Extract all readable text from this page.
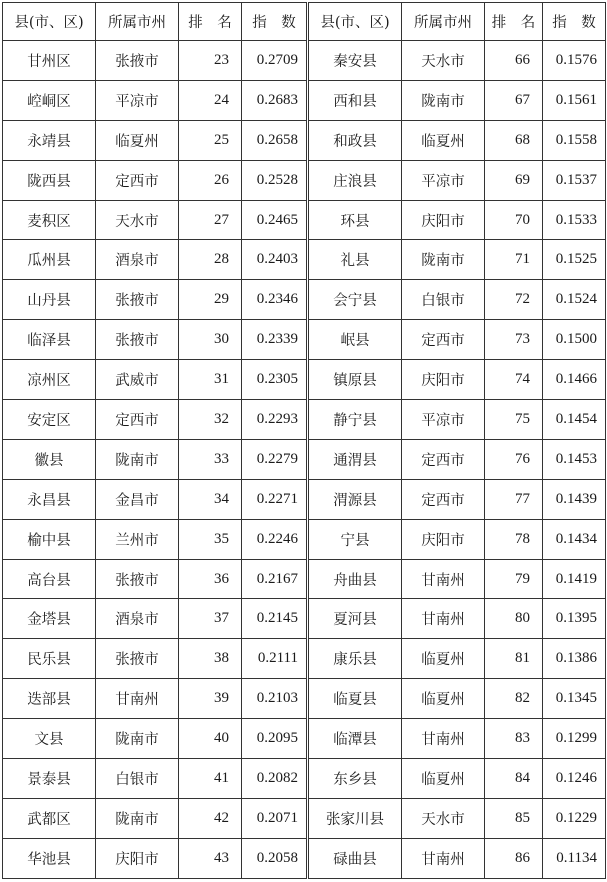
县(市、区)	所属市州	排　名	指　数	县(市、区)	所属市州	排　名	指　数
甘州区	张掖市	23	0.2709	秦安县	天水市	66	0.1576
崆峒区	平凉市	24	0.2683	西和县	陇南市	67	0.1561
永靖县	临夏州	25	0.2658	和政县	临夏州	68	0.1558
陇西县	定西市	26	0.2528	庄浪县	平凉市	69	0.1537
麦积区	天水市	27	0.2465	环县	庆阳市	70	0.1533
瓜州县	酒泉市	28	0.2403	礼县	陇南市	71	0.1525
山丹县	张掖市	29	0.2346	会宁县	白银市	72	0.1524
临泽县	张掖市	30	0.2339	岷县	定西市	73	0.1500
凉州区	武威市	31	0.2305	镇原县	庆阳市	74	0.1466
安定区	定西市	32	0.2293	静宁县	平凉市	75	0.1454
徽县	陇南市	33	0.2279	通渭县	定西市	76	0.1453
永昌县	金昌市	34	0.2271	渭源县	定西市	77	0.1439
榆中县	兰州市	35	0.2246	宁县	庆阳市	78	0.1434
高台县	张掖市	36	0.2167	舟曲县	甘南州	79	0.1419
金塔县	酒泉市	37	0.2145	夏河县	甘南州	80	0.1395
民乐县	张掖市	38	0.2111	康乐县	临夏州	81	0.1386
迭部县	甘南州	39	0.2103	临夏县	临夏州	82	0.1345
文县	陇南市	40	0.2095	临潭县	甘南州	83	0.1299
景泰县	白银市	41	0.2082	东乡县	临夏州	84	0.1246
武都区	陇南市	42	0.2071	张家川县	天水市	85	0.1229
华池县	庆阳市	43	0.2058	碌曲县	甘南州	86	0.1134
